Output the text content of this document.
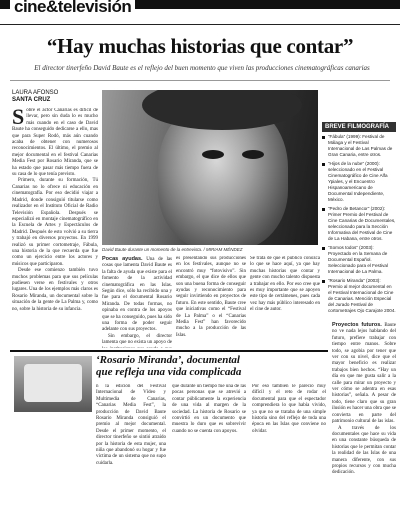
cine&televisión
“Hay muchas historias que contar”
El director tinerfeño David Baute es el reflejo del buen momento que viven las producciones cinematográficas canarias
LAURA AFONSO
SANTA CRUZ
Sobre el actor Canarias es difícil de llevar, pero sin duda lo es mucho más cuando en el caso de David Baute ha conseguido dedicarse a ello, mas que para Super Rodó, más aún cuando acaba de obtener con numerosos reconocimientos. El último, el premio al mejor documental en el festival Canarias Media Fest por Rosario Miranda, que se ha estado que pasar más tiempo fuera de su casa de lo que tenía previsto.
Primero, durante su formación, Tú Canarias no lo ofrece ni educación en cinematografía. Por eso decidió viajar a Madrid, donde consiguió titularse como realizador en el Instituto Oficial de Radio Televisión Española. Después se especializó en montaje cinematográfico en la Escuela de Artes y Espectáculos de Madrid. Después de esto volvió a su tierra y trabajó en diversos proyectos. En 1999 realizó su primer cortometraje, Fábula, una historia de la que recuerda que fue como un ejercicio entre los actores y músicos que participaron.
Desde ese comienzo también tuvo muchos problemas para que sus películas pudiesen verse en festivales y otros lugares. Una de los ejemplos más claros es Rosario Miranda, un documental sobre la situación de la gente de La Palma y, como no, sobre la historia de su infancia.
David Baute durante un momento de la entrevista. / MIRIAM MÉNDEZ
Pocas ayudas. Una de las cosas que lamenta David Baute es la falta de ayuda que existe para el fomento de la actividad cinematográfica en las Islas. Según dice, sólo ha recibido una y fue para el documental Rosario Miranda. De todas formas, no opinaba en contra de los apoyos que se ha conseguido, pues ha sido una forma de poder seguir adelante con sus proyectos.
Sin embargo, el director lamenta que no exista un apoyo de
es presentando sus producciones en los festivales, aunque no se encontró muy “fotovisivo”. Sin embargo, el que dice de ellos que son una buena forma de conseguir ayudas y reconocimiento para seguir invirtiendo en proyectos de futuro. En este sentido, Baute cree que iniciativas como el “Festival de La Palma” o el “Canarias Media Fest” han favorecido mucho a la producción de las Islas.
Se trata de que el público conozca lo que se hace aquí, ya que hay muchas historias que contar y gente con mucho talento dispuesta a trabajar en ello. Por eso cree que es muy importante que se apoyen este tipo de certámenes, pues cada vez hay más público interesado en el cine de autor.
BREVE FILMOGRAFÍA
“Fábula” (1999): Festival de Málaga y el Festival Internacional de Las Palmas de Gran Canaria, entre otros.
“Hijos de la nube” (2000): seleccionado en el Festival Cinematográfico de Cine Alfa Ypiales, y el Encuentro Hispanoamericano de Documental Independiente, México.
“Pedro de Betancor” (2002): Primer Premio del Festival de Cine Canarias de Documentales, seleccionado para la Sección Informativa del Festival de Cine de La Habana, entre otros.
“Somos todos” (2003): Proyectado en la Semana de Documental Español. Seleccionado para el Festival Internacional de La Palma.
“Rosario Miranda” (2003): Premio al mejor documental en el Festival Internacional de Cine de Canarias. Mención Especial del Jurado Festival de cortometrajes Ojo Carajote 2004.
Proyectos futuros. Baute no ve nada lejos hablando del futuro, prefiere trabajar con tiempo entre manos. Sobre todo, se agobia por tener que ver con su nivel, dice que el mayor beneficio es realizar trabajos bien hechos. “Hay un día en que me gusta salir a la calle para mirar un proyecto y ver cómo se adentra en esas historias”, señala. A pesar de todo, tiene claro que su gran ilusión es hacer una obra que se convierta en parte del patrimonio cultural de las islas.
A través de los documentales que hace su vida en una constante búsqueda de historias que le permitan contar la realidad de las Islas de una manera diferente, con sus propios recursos y con mucha dedicación.
‘Rosario Miranda’, documental que refleja una vida complicada
n la edición del Festival Internacional de Vídeo y Multimedia de Canarias, “Canarias Media Fest”, la producción de David Baute Rosario Miranda consiguió el premio al mejor documental. Desde el primer momento, el director tinerfeño se sintió atraído por la historia de esta mujer, una niña que abandonó su hogar y fue víctima de un sistema que no supo cuidarla.
que durante un tiempo fue una de las pocas personas que se atrevió a contar públicamente la experiencia de una vida al margen de la sociedad. La historia de Rosario se convirtió en un documento que muestra lo duro que es sobrevivir cuando no se cuenta con apoyos.
Por eso también le pareció muy difícil y el reto de rodar el documental para que el espectador comprendiera lo que había vivido, ya que no se trataba de una simple historia sino del reflejo de toda una época en las Islas que conviene no olvidar.
